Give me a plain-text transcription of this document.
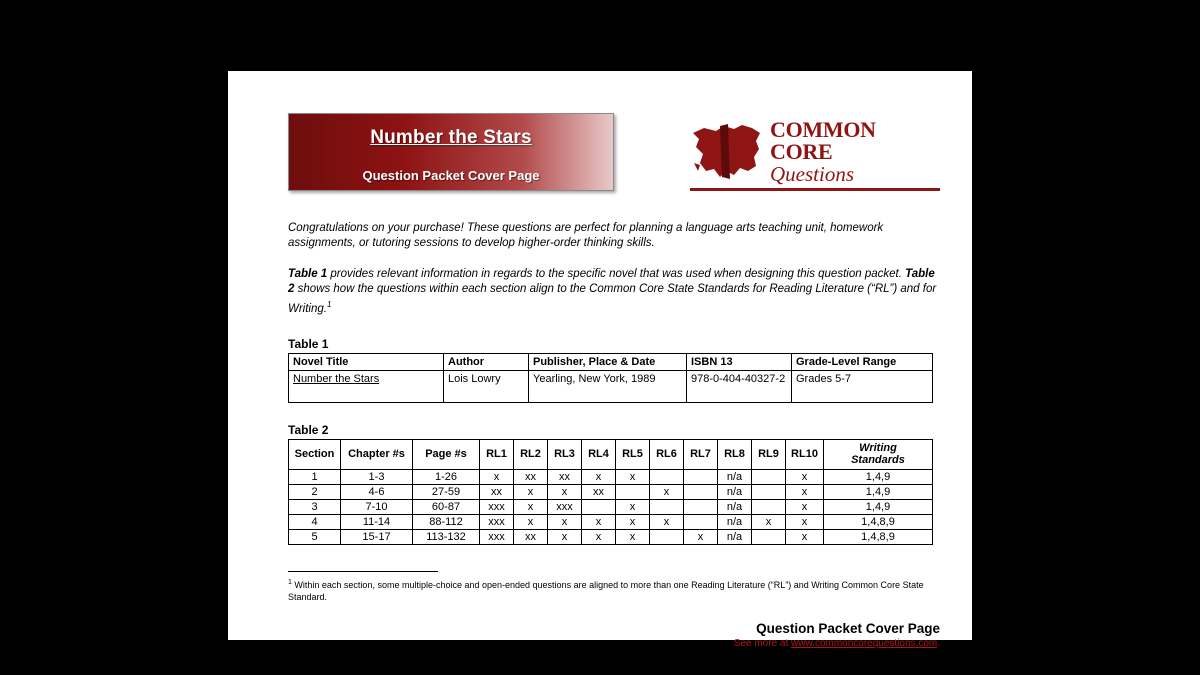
Number the Stars
Question Packet Cover Page
COMMON
CORE
Questions
Congratulations on your purchase! These questions are perfect for planning a language arts teaching unit, homework assignments, or tutoring sessions to develop higher-order thinking skills.
Table 1 provides relevant information in regards to the specific novel that was used when designing this question packet. Table 2 shows how the questions within each section align to the Common Core State Standards for Reading Literature (“RL”) and for Writing.$^1$
Table 1
Novel Title	Author	Publisher, Place & Date	ISBN 13	Grade-Level Range
Number the Stars	Lois Lowry	Yearling, New York, 1989	978-0-404-40327-2	Grades 5-7
Table 2
Section	Chapter #s	Page #s	RL1	RL2	RL3	RL4	RL5	RL6	RL7	RL8	RL9	RL10	Writing
Standards
1	1-3	1-26	x	xx	xx	x	x			n/a		x	1,4,9
2	4-6	27-59	xx	x	x	xx		x		n/a		x	1,4,9
3	7-10	60-87	xxx	x	xxx		x			n/a		x	1,4,9
4	11-14	88-112	xxx	x	x	x	x	x		n/a	x	x	1,4,8,9
5	15-17	113-132	xxx	xx	x	x	x		x	n/a		x	1,4,8,9
$^1$ Within each section, some multiple-choice and open-ended questions are aligned to more than one Reading Literature (“RL”) and Writing Common Core State Standard.
Question Packet Cover Page
See more at www.commoncorequestions.com.
